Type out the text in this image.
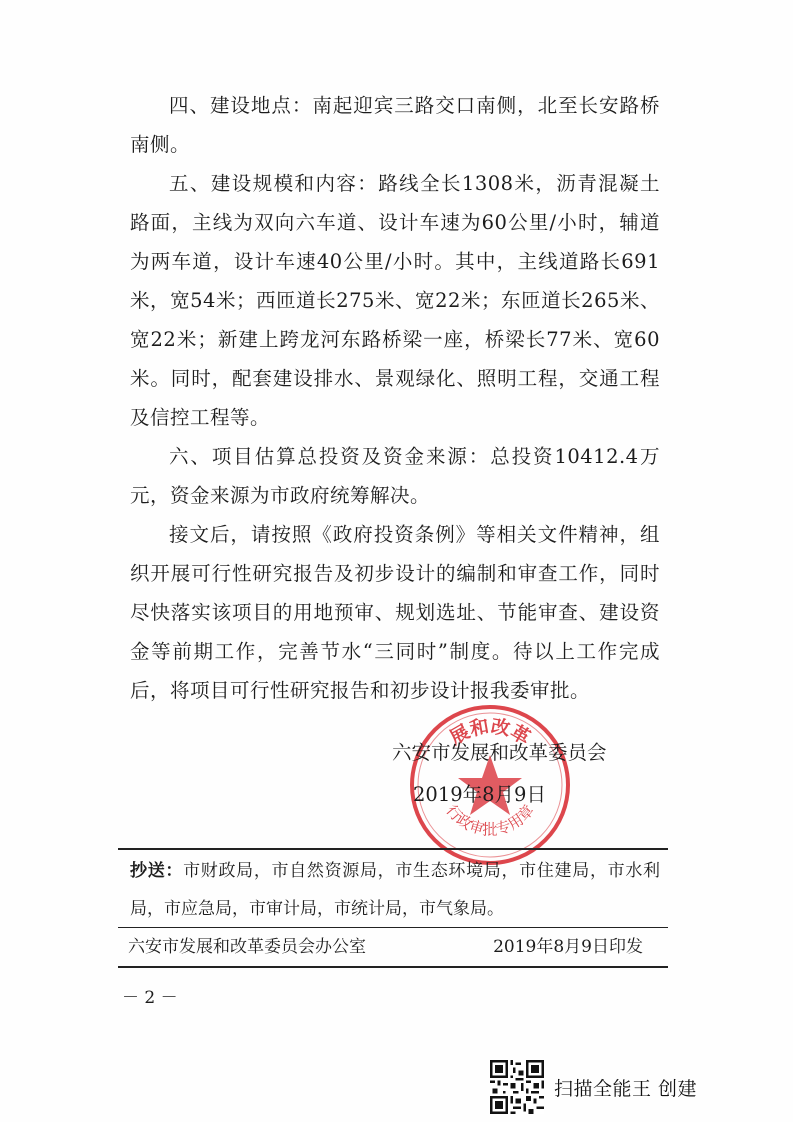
四、建设地点：南起迎宾三路交口南侧，北至长安路桥南侧。

五、建设规模和内容：路线全长1308米，沥青混凝土路面，主线为双向六车道、设计车速为60公里/小时，辅道为两车道，设计车速40公里/小时。其中，主线道路长691米，宽54米；西匝道长275米、宽22米；东匝道长265米、宽22米；新建上跨龙河东路桥梁一座，桥梁长77米、宽60米。同时，配套建设排水、景观绿化、照明工程，交通工程及信控工程等。

六、项目估算总投资及资金来源：总投资10412.4万元，资金来源为市政府统筹解决。

接文后，请按照《政府投资条例》等相关文件精神，组织开展可行性研究报告及初步设计的编制和审查工作，同时尽快落实该项目的用地预审、规划选址、节能审查、建设资金等前期工作，完善节水“三同时”制度。待以上工作完成后，将项目可行性研究报告和初步设计报我委审批。

展和改革
行政审批专用章
六安市发展和改革委员会
2019年8月9日
抄送：市财政局，市自然资源局，市生态环境局，市住建局，市水利局，市应急局，市审计局，市统计局，市气象局。
六安市发展和改革委员会办公室	2019年8月9日印发
－ 2 －
扫描全能王 创建
